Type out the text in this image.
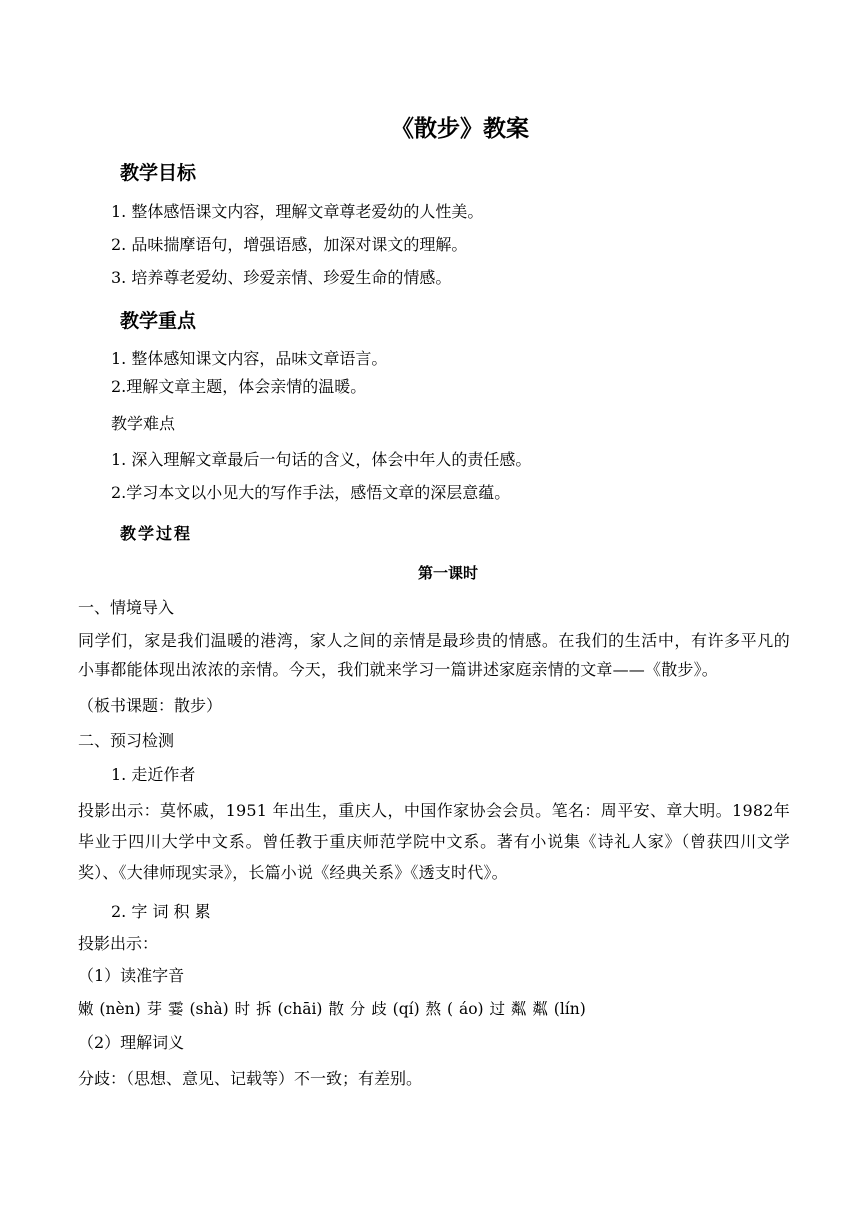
《散步》教案
教学目标
1. 整体感悟课文内容，理解文章尊老爱幼的人性美。
2. 品味揣摩语句，增强语感，加深对课文的理解。
3. 培养尊老爱幼、珍爱亲情、珍爱生命的情感。
教学重点
1. 整体感知课文内容，品味文章语言。
2.理解文章主题，体会亲情的温暖。
教学难点
1. 深入理解文章最后一句话的含义，体会中年人的责任感。
2.学习本文以小见大的写作手法，感悟文章的深层意蕴。
教学过程
第一课时
一、情境导入
同学们，家是我们温暖的港湾，家人之间的亲情是最珍贵的情感。在我们的生活中，有许多平凡的小事都能体现出浓浓的亲情。今天，我们就来学习一篇讲述家庭亲情的文章——《散步》。
（板书课题：散步）
二、预习检测
1. 走近作者
投影出示：莫怀戚，1951 年出生，重庆人，中国作家协会会员。笔名：周平安、章大明。1982年毕业于四川大学中文系。曾任教于重庆师范学院中文系。著有小说集《诗礼人家》（曾获四川文学奖）、《大律师现实录》，长篇小说《经典关系》《透支时代》。
2. 字 词 积 累
投影出示：
（1）读准字音
嫩 (nèn) 芽 霎 (shà) 时 拆 (chāi) 散 分 歧 (qí) 熬 ( áo) 过 粼 粼 (lín)
（2）理解词义
分歧：（思想、意见、记载等）不一致；有差别。
